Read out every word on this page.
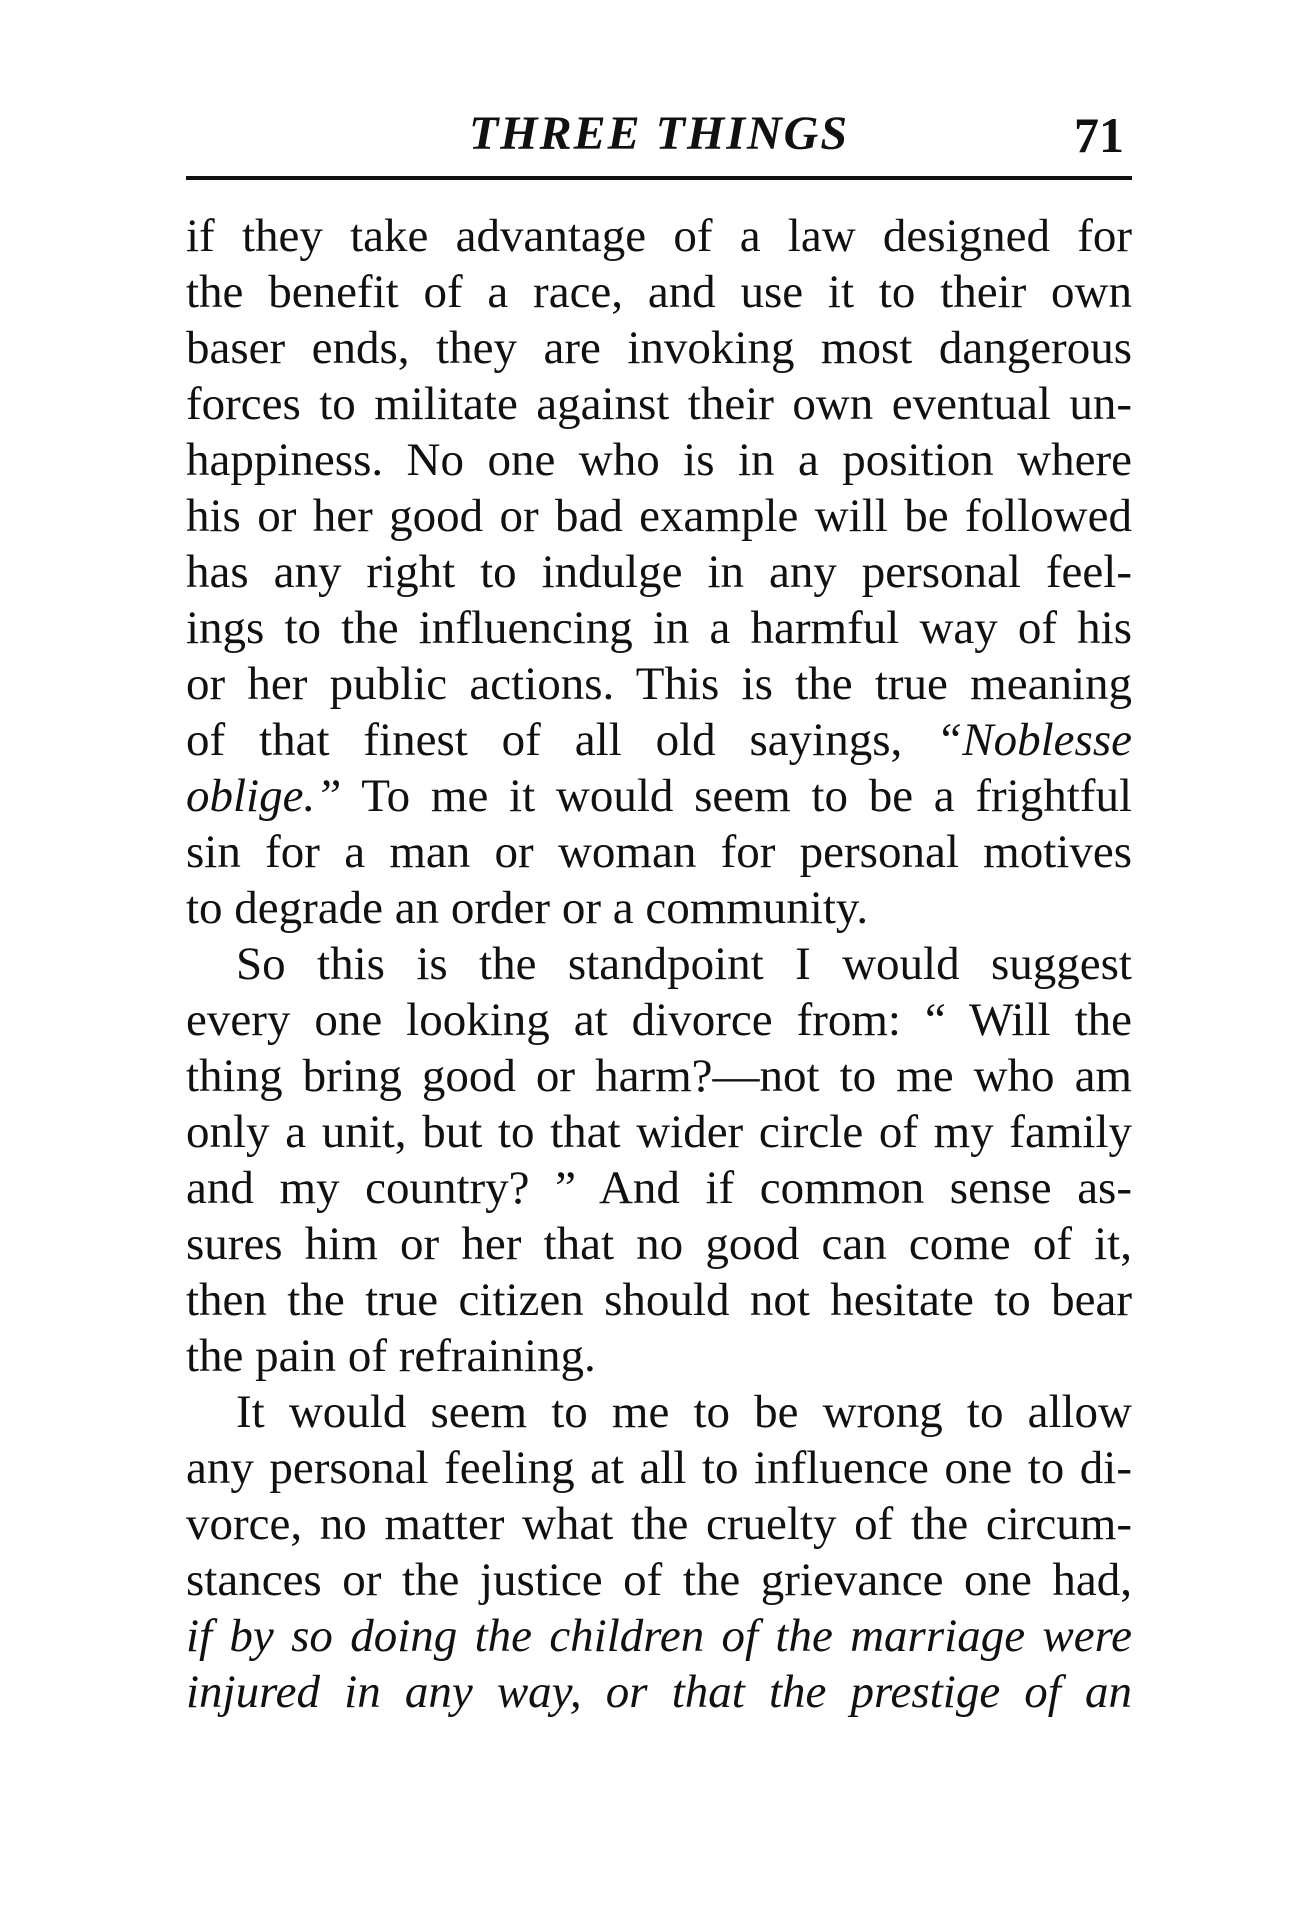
THREE THINGS	71
if they take advantage of a law designed for
the benefit of a race, and use it to their own
baser ends, they are invoking most dangerous
forces to militate against their own eventual un-
happiness. No one who is in a position where
his or her good or bad example will be followed
has any right to indulge in any personal feel-
ings to the influencing in a harmful way of his
or her public actions. This is the true meaning
of that finest of all old sayings, “Noblesse
oblige.” To me it would seem to be a frightful
sin for a man or woman for personal motives
to degrade an order or a community.
So this is the standpoint I would suggest
every one looking at divorce from: “ Will the
thing bring good or harm?—not to me who am
only a unit, but to that wider circle of my family
and my country? ” And if common sense as-
sures him or her that no good can come of it,
then the true citizen should not hesitate to bear
the pain of refraining.
It would seem to me to be wrong to allow
any personal feeling at all to influence one to di-
vorce, no matter what the cruelty of the circum-
stances or the justice of the grievance one had,
if by so doing the children of the marriage were
injured in any way, or that the prestige of an
